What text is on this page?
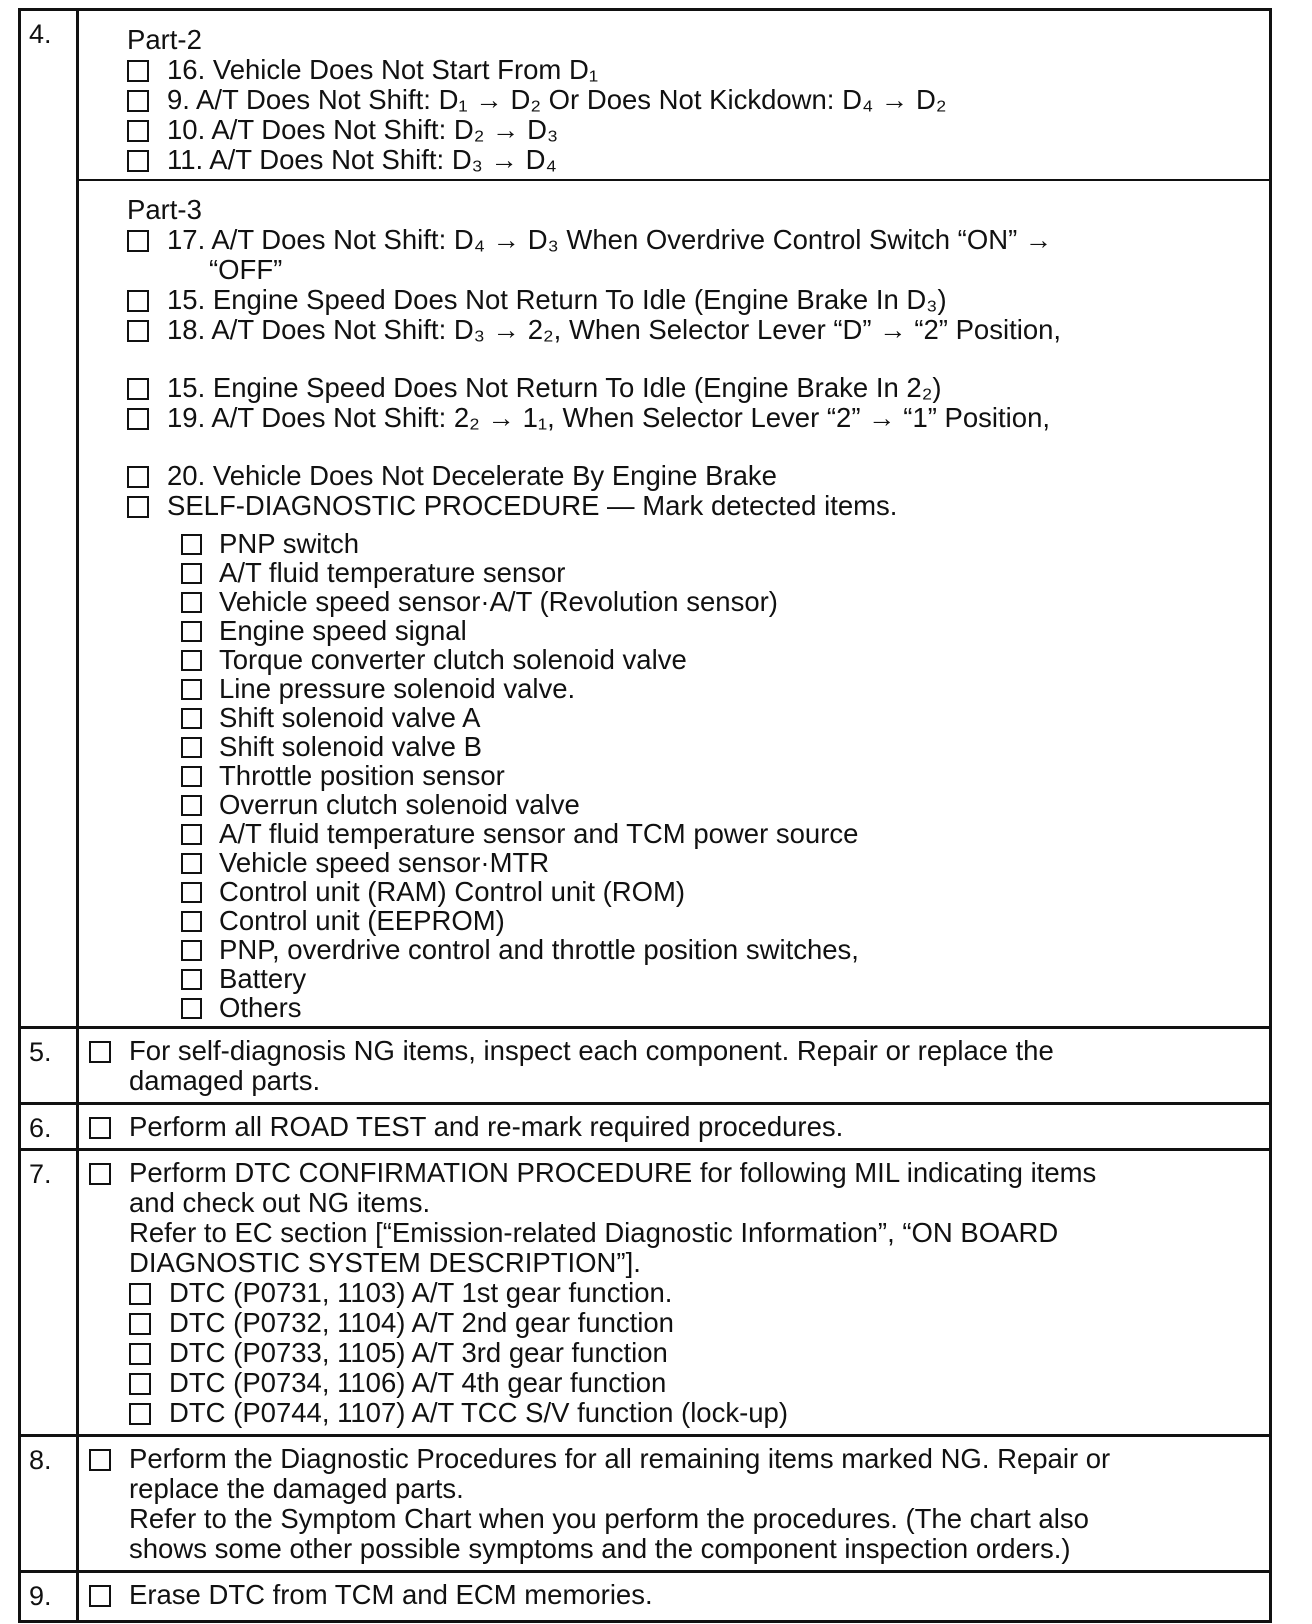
4.	Part-2
16. Vehicle Does Not Start From D₁
9. A/T Does Not Shift: D₁ → D₂ Or Does Not Kickdown: D₄ → D₂
10. A/T Does Not Shift: D₂ → D₃
11. A/T Does Not Shift: D₃ → D₄
Part-3
17. A/T Does Not Shift: D₄ → D₃ When Overdrive Control Switch “ON” →
“OFF”
15. Engine Speed Does Not Return To Idle (Engine Brake In D₃)
18. A/T Does Not Shift: D₃ → 2₂, When Selector Lever “D” → “2” Position,
15. Engine Speed Does Not Return To Idle (Engine Brake In 2₂)
19. A/T Does Not Shift: 2₂ → 1₁, When Selector Lever “2” → “1” Position,
20. Vehicle Does Not Decelerate By Engine Brake
SELF-DIAGNOSTIC PROCEDURE — Mark detected items.
PNP switch
A/T fluid temperature sensor
Vehicle speed sensor·A/T (Revolution sensor)
Engine speed signal
Torque converter clutch solenoid valve
Line pressure solenoid valve.
Shift solenoid valve A
Shift solenoid valve B
Throttle position sensor
Overrun clutch solenoid valve
A/T fluid temperature sensor and TCM power source
Vehicle speed sensor·MTR
Control unit (RAM) Control unit (ROM)
Control unit (EEPROM)
PNP, overdrive control and throttle position switches,
Battery
Others
5.	For self-diagnosis NG items, inspect each component. Repair or replace the
damaged parts.
6.	Perform all ROAD TEST and re-mark required procedures.
7.	Perform DTC CONFIRMATION PROCEDURE for following MIL indicating items
and check out NG items.
Refer to EC section [“Emission-related Diagnostic Information”, “ON BOARD
DIAGNOSTIC SYSTEM DESCRIPTION”].
DTC (P0731, 1103) A/T 1st gear function.
DTC (P0732, 1104) A/T 2nd gear function
DTC (P0733, 1105) A/T 3rd gear function
DTC (P0734, 1106) A/T 4th gear function
DTC (P0744, 1107) A/T TCC S/V function (lock-up)
8.	Perform the Diagnostic Procedures for all remaining items marked NG. Repair or
replace the damaged parts.
Refer to the Symptom Chart when you perform the procedures. (The chart also
shows some other possible symptoms and the component inspection orders.)
9.	Erase DTC from TCM and ECM memories.
